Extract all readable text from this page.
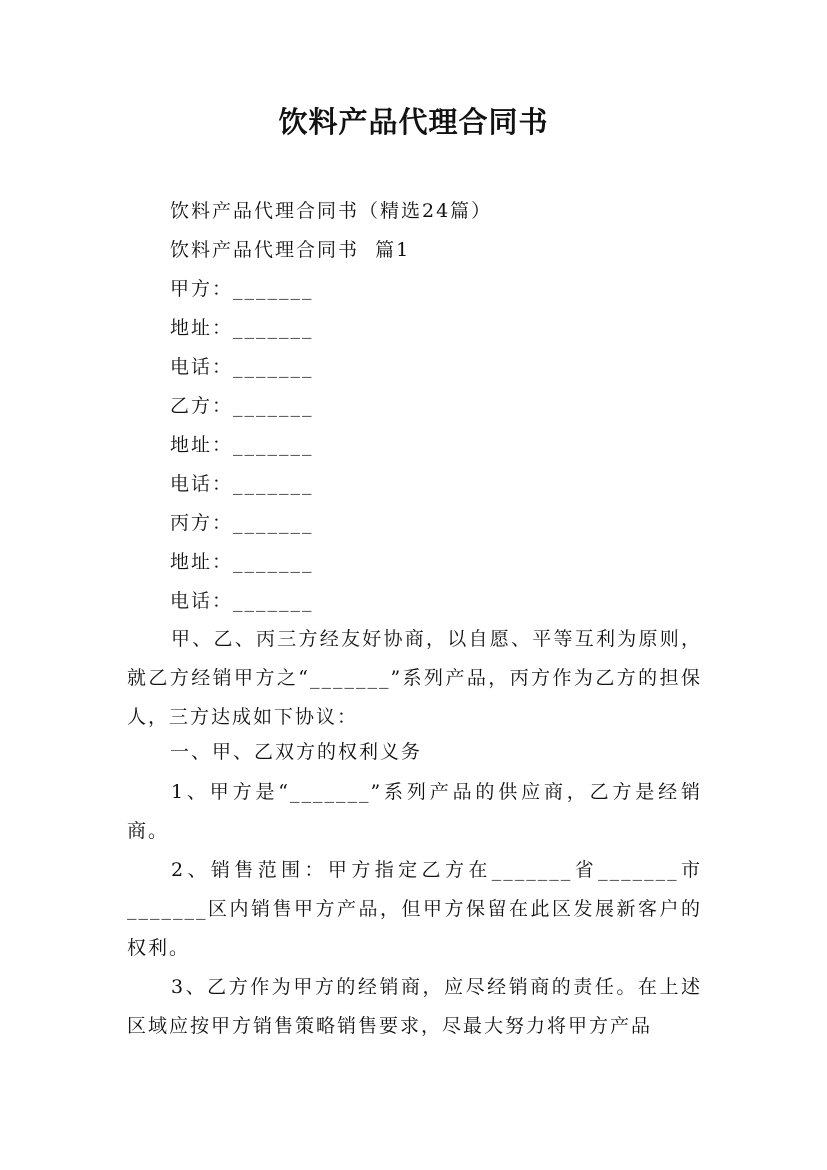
饮料产品代理合同书
饮料产品代理合同书（精选24篇）
饮料产品代理合同书  篇1
甲方：_______
地址：_______
电话：_______
乙方：_______
地址：_______
电话：_______
丙方：_______
地址：_______
电话：_______
甲、乙、丙三方经友好协商，以自愿、平等互利为原则，就乙方经销甲方之“_______”系列产品，丙方作为乙方的担保人，三方达成如下协议：
一、甲、乙双方的权利义务
1、甲方是“_______”系列产品的供应商，乙方是经销商。
2、销售范围：甲方指定乙方在_______省_______市_______区内销售甲方产品，但甲方保留在此区发展新客户的权利。
3、乙方作为甲方的经销商，应尽经销商的责任。在上述区域应按甲方销售策略销售要求，尽最大努力将甲方产品
